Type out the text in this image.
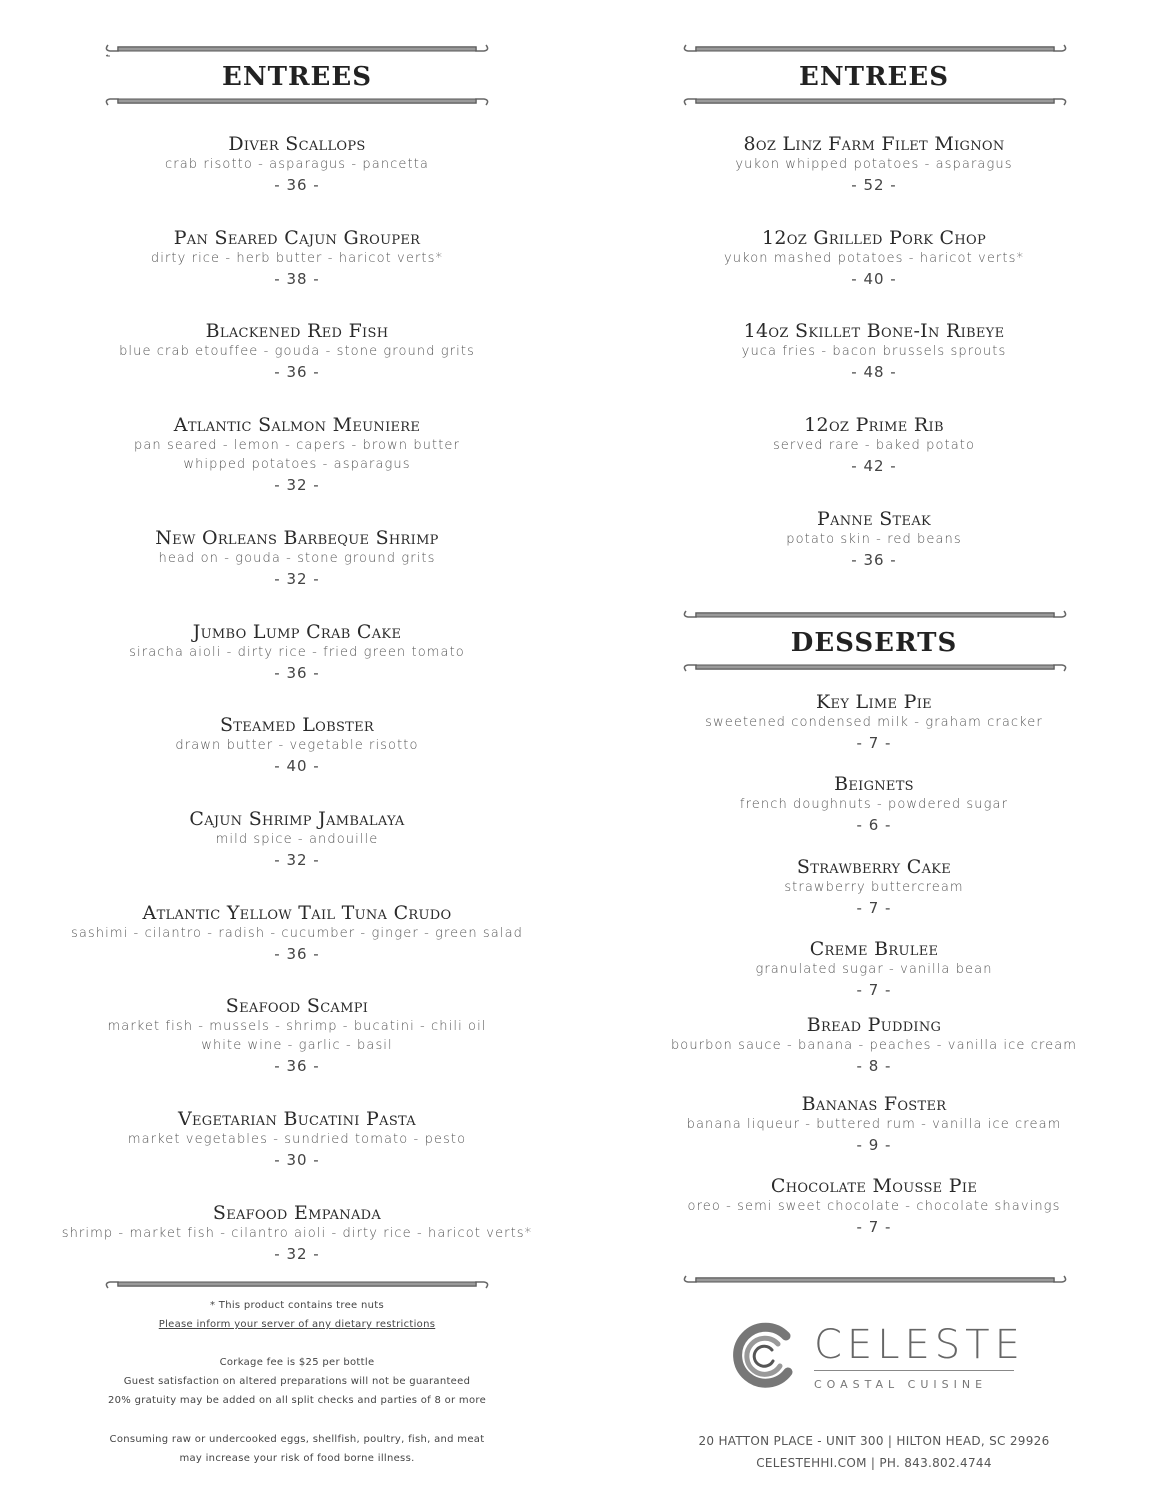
ENTREES
Diver Scallops
crab risotto - asparagus - pancetta
- 36 -
Pan Seared Cajun Grouper
dirty rice - herb butter - haricot verts*
- 38 -
Blackened Red Fish
blue crab etouffee - gouda - stone ground grits
- 36 -
Atlantic Salmon Meuniere
pan seared - lemon - capers - brown butter
whipped potatoes - asparagus
- 32 -
New Orleans Barbeque Shrimp
head on - gouda - stone ground grits
- 32 -
Jumbo Lump Crab Cake
siracha aioli - dirty rice - fried green tomato
- 36 -
Steamed Lobster
drawn butter - vegetable risotto
- 40 -
Cajun Shrimp Jambalaya
mild spice - andouille
- 32 -
Atlantic Yellow Tail Tuna Crudo
sashimi - cilantro - radish - cucumber - ginger - green salad
- 36 -
Seafood Scampi
market fish - mussels - shrimp - bucatini - chili oil
white wine - garlic - basil
- 36 -
Vegetarian Bucatini Pasta
market vegetables - sundried tomato - pesto
- 30 -
Seafood Empanada
shrimp - market fish - cilantro aioli - dirty rice - haricot verts*
- 32 -
* This product contains tree nuts
Please inform your server of any dietary restrictions
Corkage fee is $25 per bottle
Guest satisfaction on altered preparations will not be guaranteed
20% gratuity may be added on all split checks and parties of 8 or more
Consuming raw or undercooked eggs, shellfish, poultry, fish, and meat
may increase your risk of food borne illness.
ENTREES
8oz Linz Farm Filet Mignon
yukon whipped potatoes - asparagus
- 52 -
12oz Grilled Pork Chop
yukon mashed potatoes - haricot verts*
- 40 -
14oz Skillet Bone-In Ribeye
yuca fries - bacon brussels sprouts
- 48 -
12oz Prime Rib
served rare - baked potato
- 42 -
Panne Steak
potato skin - red beans
- 36 -
DESSERTS
Key Lime Pie
sweetened condensed milk - graham cracker
- 7 -
Beignets
french doughnuts - powdered sugar
- 6 -
Strawberry Cake
strawberry buttercream
- 7 -
Creme Brulee
granulated sugar - vanilla bean
- 7 -
Bread Pudding
bourbon sauce - banana - peaches - vanilla ice cream
- 8 -
Bananas Foster
banana liqueur - buttered rum - vanilla ice cream
- 9 -
Chocolate Mousse Pie
oreo - semi sweet chocolate - chocolate shavings
- 7 -
CELESTE
COASTAL CUISINE
20 HATTON PLACE - UNIT 300 | HILTON HEAD, SC 29926
CELESTEHHI.COM | PH. 843.802.4744
